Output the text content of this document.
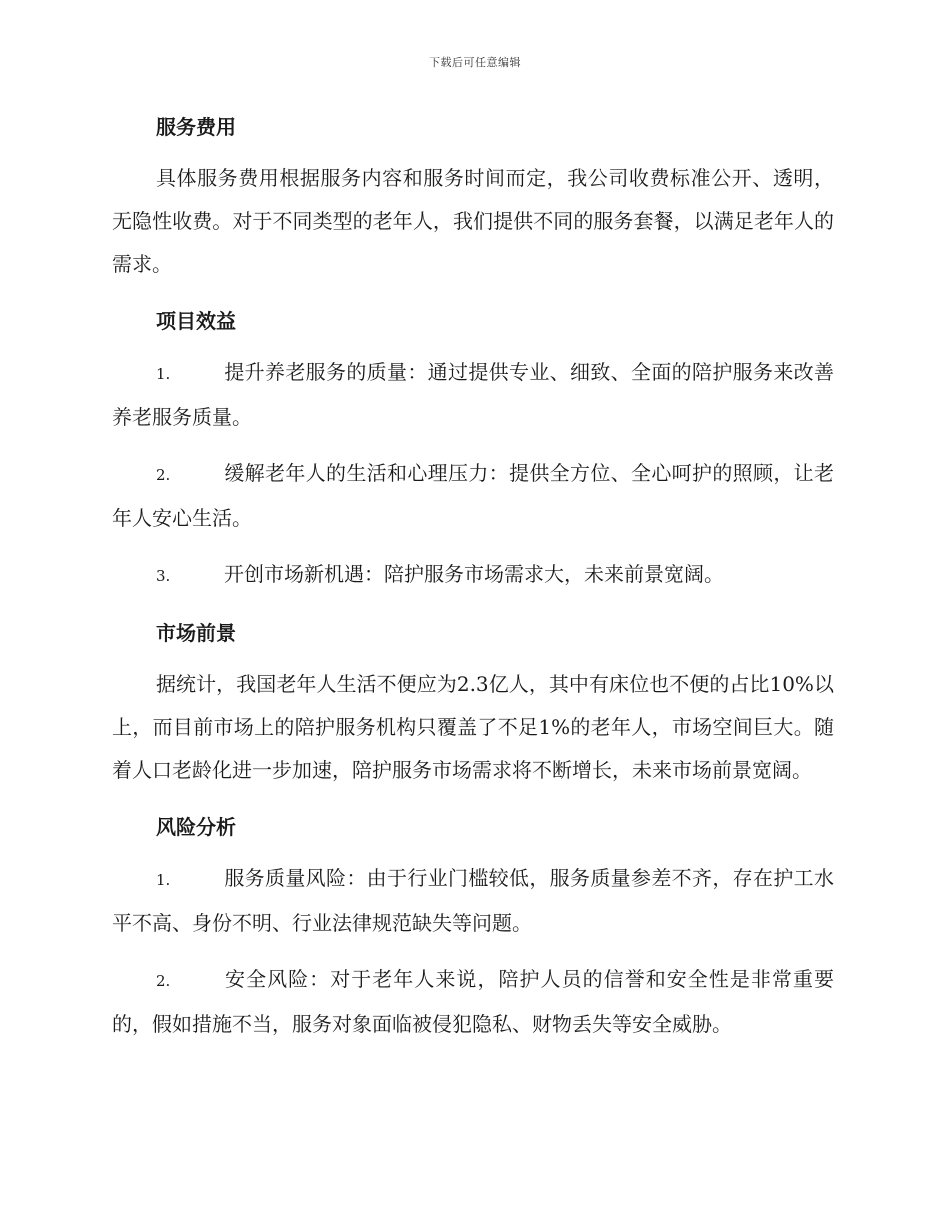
下载后可任意编辑
服务费用

具体服务费用根据服务内容和服务时间而定，我公司收费标准公开、透明，无隐性收费。对于不同类型的老年人，我们提供不同的服务套餐，以满足老年人的需求。

项目效益

1.	提升养老服务的质量：通过提供专业、细致、全面的陪护服务来改善养老服务质量。

2.	缓解老年人的生活和心理压力：提供全方位、全心呵护的照顾，让老年人安心生活。

3.	开创市场新机遇：陪护服务市场需求大，未来前景宽阔。

市场前景

据统计，我国老年人生活不便应为2.3亿人，其中有床位也不便的占比10%以上，而目前市场上的陪护服务机构只覆盖了不足1%的老年人，市场空间巨大。随着人口老龄化进一步加速，陪护服务市场需求将不断增长，未来市场前景宽阔。

风险分析

1.	服务质量风险：由于行业门槛较低，服务质量参差不齐，存在护工水平不高、身份不明、行业法律规范缺失等问题。

2.	安全风险：对于老年人来说，陪护人员的信誉和安全性是非常重要的，假如措施不当，服务对象面临被侵犯隐私、财物丢失等安全威胁。
